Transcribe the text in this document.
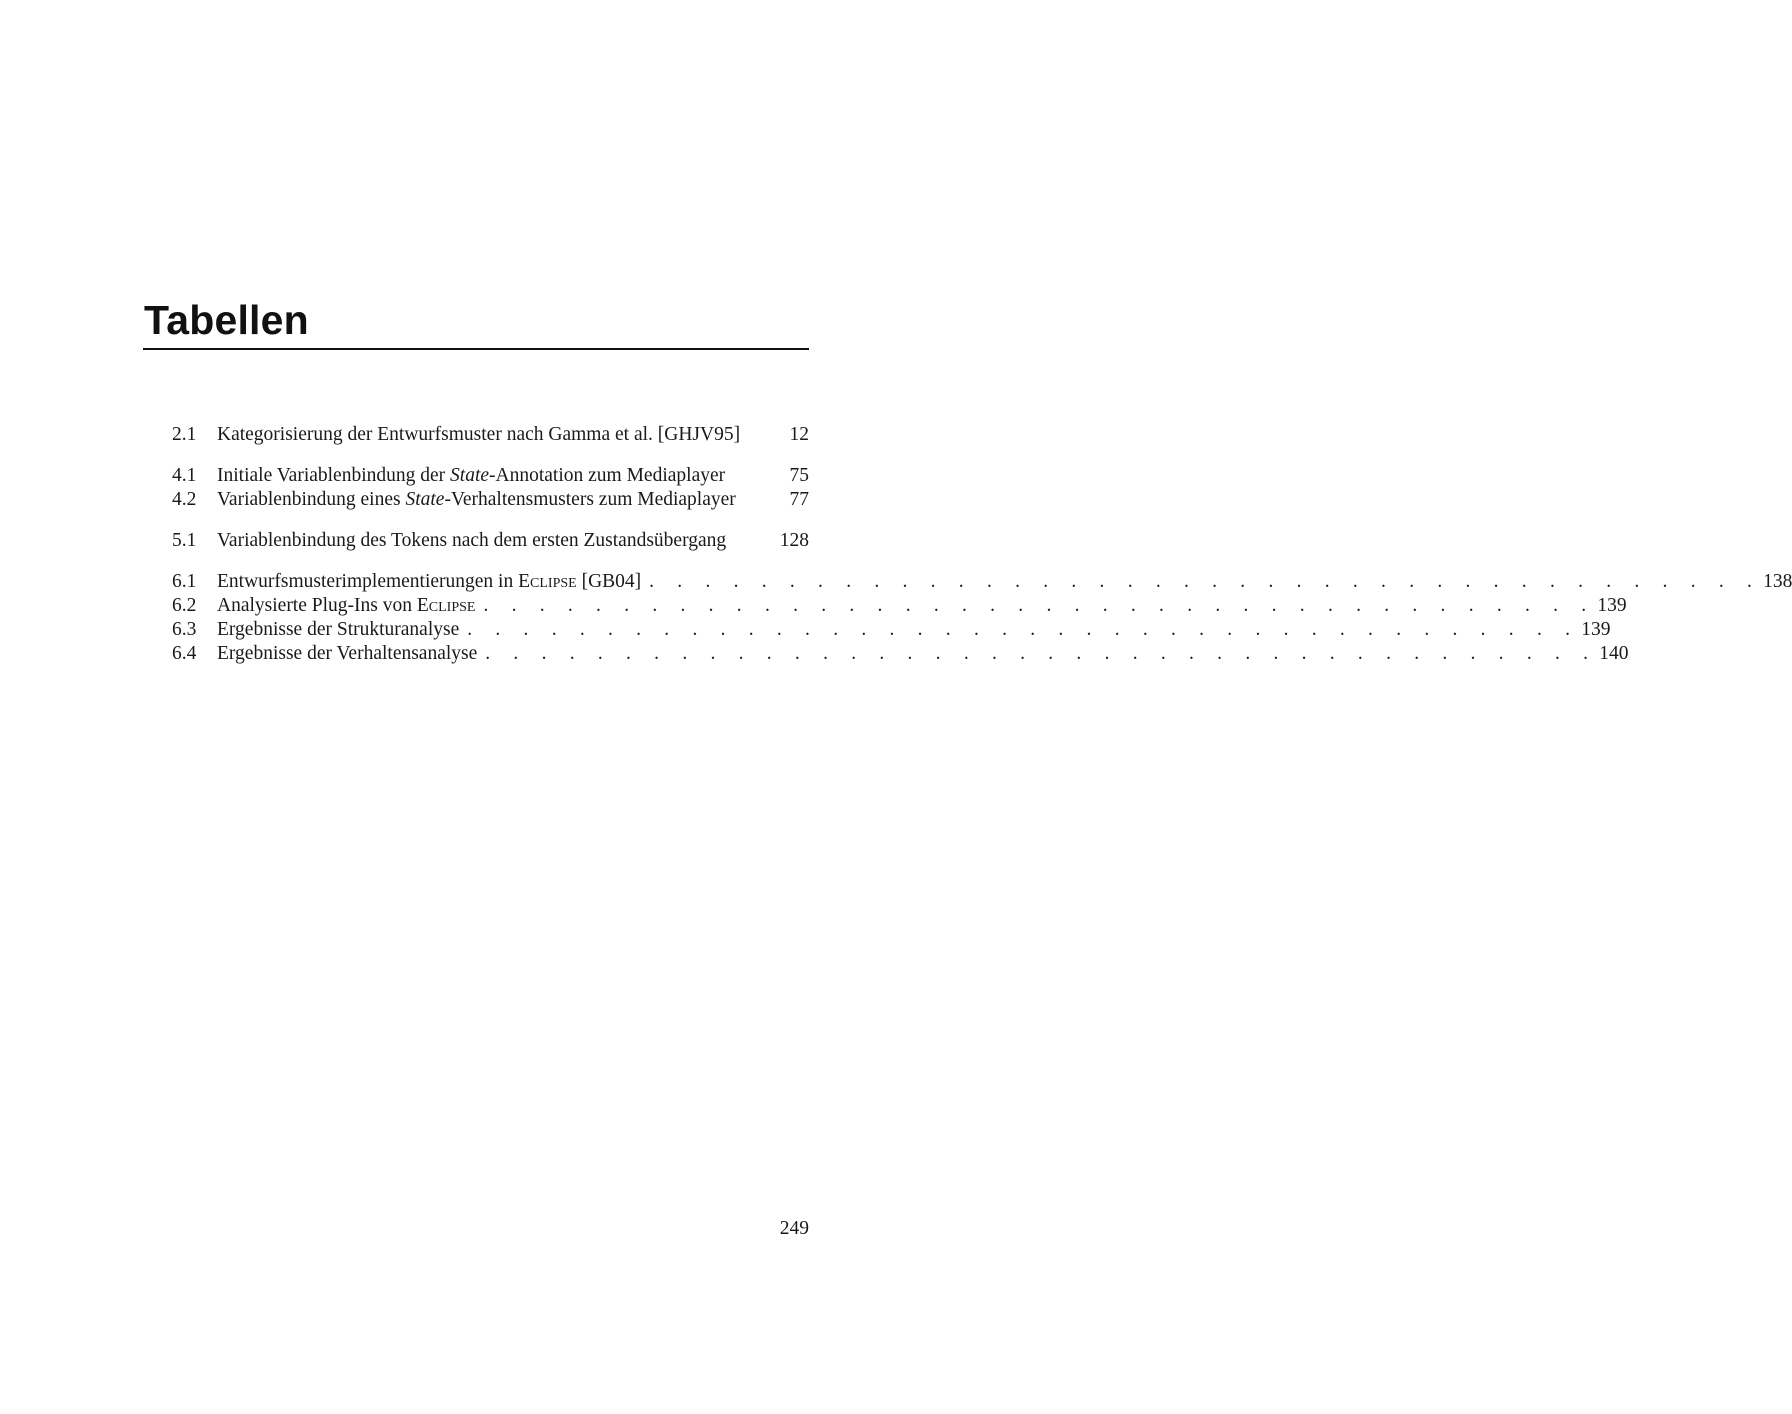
Tabellen
2.1	Kategorisierung der Entwurfsmuster nach Gamma et al. [GHJV95]	12
4.1	Initiale Variablenbindung der State-Annotation zum Mediaplayer	75
4.2	Variablenbindung eines State-Verhaltensmusters zum Mediaplayer	77
5.1	Variablenbindung des Tokens nach dem ersten Zustandsübergang	128
6.1	Entwurfsmusterimplementierungen in Eclipse [GB04] . . . . . . . . . . . . . . . . . . . . . . . . . . . . . . . . . . . . . . . . 138
6.2	Analysierte Plug-Ins von Eclipse . . . . . . . . . . . . . . . . . . . . . . . . . . . . . . . . . . . . . . . . 139
6.3	Ergebnisse der Strukturanalyse . . . . . . . . . . . . . . . . . . . . . . . . . . . . . . . . . . . . . . . . 139
6.4	Ergebnisse der Verhaltensanalyse . . . . . . . . . . . . . . . . . . . . . . . . . . . . . . . . . . . . . . . . 140
249
